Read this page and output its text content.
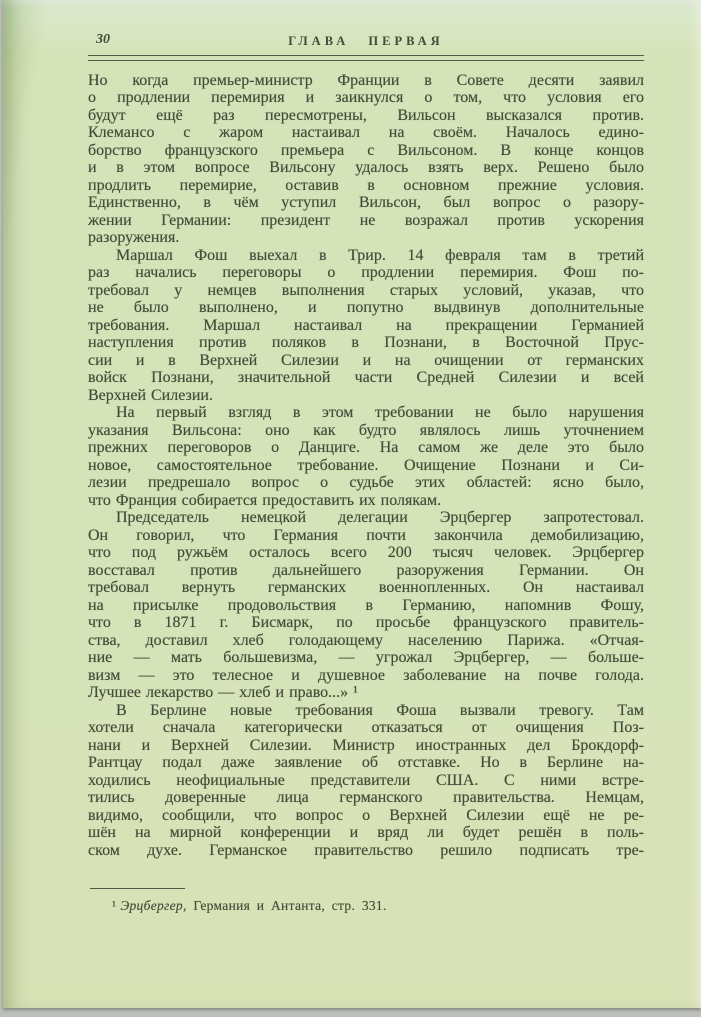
30	ГЛАВА ПЕРВАЯ
Но когда премьер-министр Франции в Совете десяти заявил
о продлении перемирия и заикнулся о том, что условия его
будут ещё раз пересмотрены, Вильсон высказался против.
Клемансо с жаром настаивал на своём. Началось едино-
борство французского премьера с Вильсоном. В конце концов
и в этом вопросе Вильсону удалось взять верх. Решено было
продлить перемирие, оставив в основном прежние условия.
Единственно, в чём уступил Вильсон, был вопрос о разору-
жении Германии: президент не возражал против ускорения
разоружения.
Маршал Фош выехал в Трир. 14 февраля там в третий
раз начались переговоры о продлении перемирия. Фош по-
требовал у немцев выполнения старых условий, указав, что
не было выполнено, и попутно выдвинув дополнительные
требования. Маршал настаивал на прекращении Германией
наступления против поляков в Познани, в Восточной Прус-
сии и в Верхней Силезии и на очищении от германских
войск Познани, значительной части Средней Силезии и всей
Верхней Силезии.
На первый взгляд в этом требовании не было нарушения
указания Вильсона: оно как будто являлось лишь уточнением
прежних переговоров о Данциге. На самом же деле это было
новое, самостоятельное требование. Очищение Познани и Си-
лезии предрешало вопрос о судьбе этих областей: ясно было,
что Франция собирается предоставить их полякам.
Председатель немецкой делегации Эрцбергер запротестовал.
Он говорил, что Германия почти закончила демобилизацию,
что под ружьём осталось всего 200 тысяч человек. Эрцбергер
восставал против дальнейшего разоружения Германии. Он
требовал вернуть германских военнопленных. Он настаивал
на присылке продовольствия в Германию, напомнив Фошу,
что в 1871 г. Бисмарк, по просьбе французского правитель-
ства, доставил хлеб голодающему населению Парижа. «Отчая-
ние — мать большевизма, — угрожал Эрцбергер, — больше-
визм — это телесное и душевное заболевание на почве голода.
Лучшее лекарство — хлеб и право...» ¹
В Берлине новые требования Фоша вызвали тревогу. Там
хотели сначала категорически отказаться от очищения Поз-
нани и Верхней Силезии. Министр иностранных дел Брокдорф-
Рантцау подал даже заявление об отставке. Но в Берлине на-
ходились неофициальные представители США. С ними встре-
тились доверенные лица германского правительства. Немцам,
видимо, сообщили, что вопрос о Верхней Силезии ещё не ре-
шён на мирной конференции и вряд ли будет решён в поль-
ском духе. Германское правительство решило подписать тре-
¹ Эрцбергер, Германия и Антанта, стр. 331.
